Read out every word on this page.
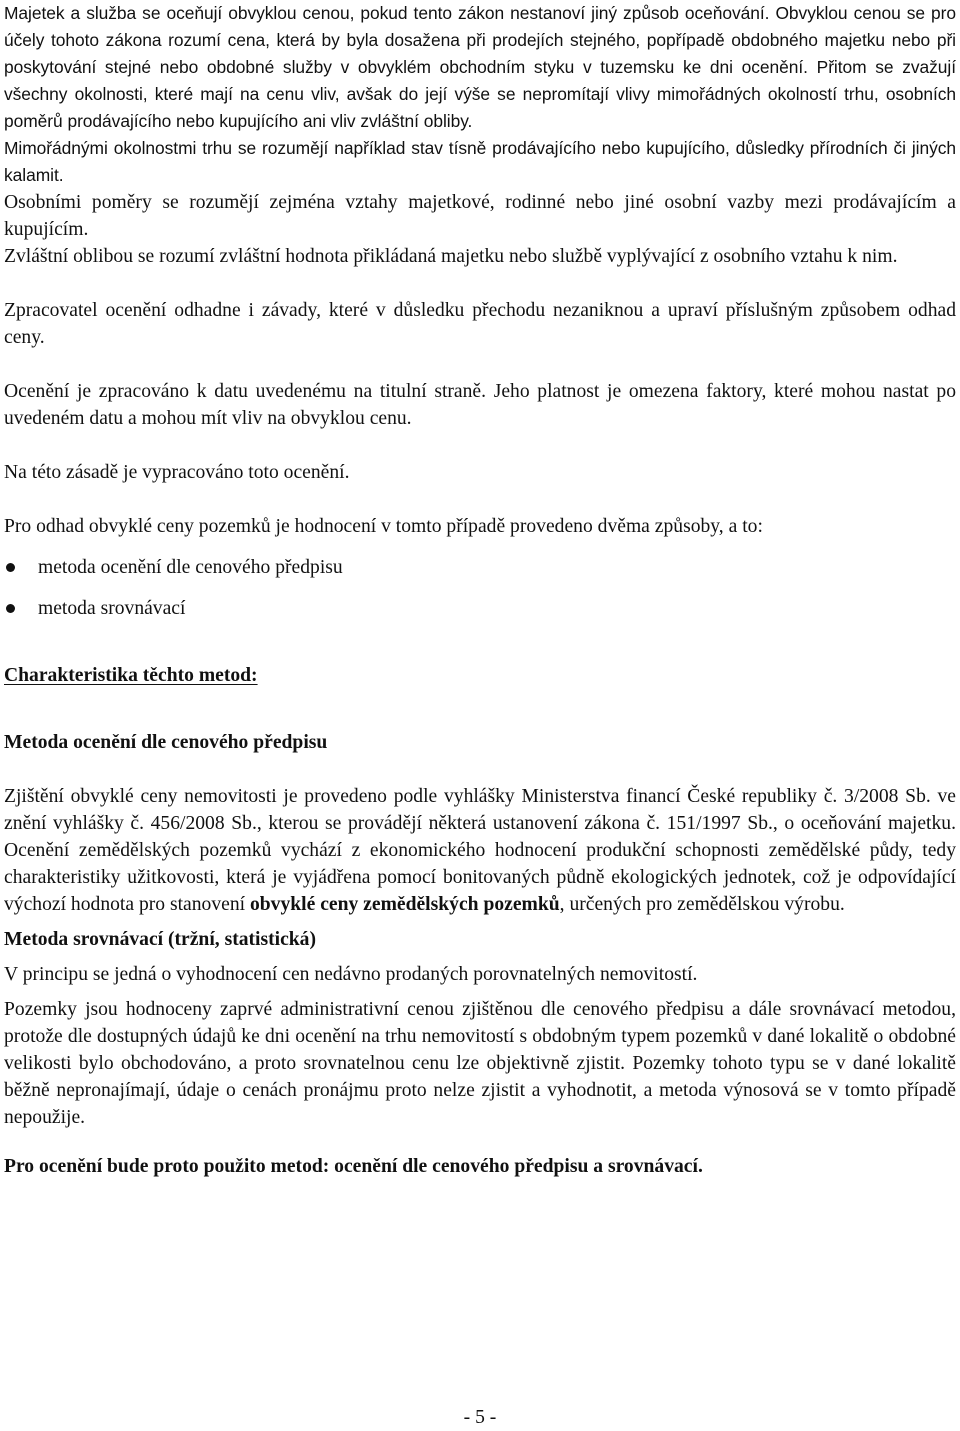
Majetek a služba se oceňují obvyklou cenou, pokud tento zákon nestanoví jiný způsob oceňování. Obvyklou cenou se pro účely tohoto zákona rozumí cena, která by byla dosažena při prodejích stejného, popřípadě obdobného majetku nebo při poskytování stejné nebo obdobné služby v obvyklém obchodním styku v tuzemsku ke dni ocenění. Přitom se zvažují všechny okolnosti, které mají na cenu vliv, avšak do její výše se nepromítají vlivy mimořádných okolností trhu, osobních poměrů prodávajícího nebo kupujícího ani vliv zvláštní obliby.

Mimořádnými okolnostmi trhu se rozumějí například stav tísně prodávajícího nebo kupujícího, důsledky přírodních či jiných kalamit.

Osobními poměry se rozumějí zejména vztahy majetkové, rodinné nebo jiné osobní vazby mezi prodávajícím a kupujícím.

Zvláštní oblibou se rozumí zvláštní hodnota přikládaná majetku nebo službě vyplývající z osobního vztahu k nim.

Zpracovatel ocenění odhadne i závady, které v důsledku přechodu nezaniknou a upraví příslušným způsobem odhad ceny.

Ocenění je zpracováno k datu uvedenému na titulní straně. Jeho platnost je omezena faktory, které mohou nastat po uvedeném datu a mohou mít vliv na obvyklou cenu.

Na této zásadě je vypracováno toto ocenění.

Pro odhad obvyklé ceny pozemků je hodnocení v tomto případě provedeno dvěma způsoby, a to:

metoda ocenění dle cenového předpisu
metoda srovnávací

Charakteristika těchto metod:

Metoda ocenění dle cenového předpisu

Zjištění obvyklé ceny nemovitosti je provedeno podle vyhlášky Ministerstva financí České republiky č. 3/2008 Sb. ve znění vyhlášky č. 456/2008 Sb., kterou se provádějí některá ustanovení zákona č. 151/1997 Sb., o oceňování majetku. Ocenění zemědělských pozemků vychází z ekonomického hodnocení produkční schopnosti zemědělské půdy, tedy charakteristiky užitkovosti, která je vyjádřena pomocí bonitovaných půdně ekologických jednotek, což je odpovídající výchozí hodnota pro stanovení obvyklé ceny zemědělských pozemků, určených pro zemědělskou výrobu.

Metoda srovnávací (tržní, statistická)

V principu se jedná o vyhodnocení cen nedávno prodaných porovnatelných nemovitostí.

Pozemky jsou hodnoceny zaprvé administrativní cenou zjištěnou dle cenového předpisu a dále srovnávací metodou, protože dle dostupných údajů ke dni ocenění na trhu nemovitostí s obdobným typem pozemků v dané lokalitě o obdobné velikosti bylo obchodováno, a proto srovnatelnou cenu lze objektivně zjistit. Pozemky tohoto typu se v dané lokalitě běžně nepronajímají, údaje o cenách pronájmu proto nelze zjistit a vyhodnotit, a metoda výnosová se v tomto případě nepoužije.

Pro ocenění bude proto použito metod: ocenění dle cenového předpisu a srovnávací.

- 5 -
